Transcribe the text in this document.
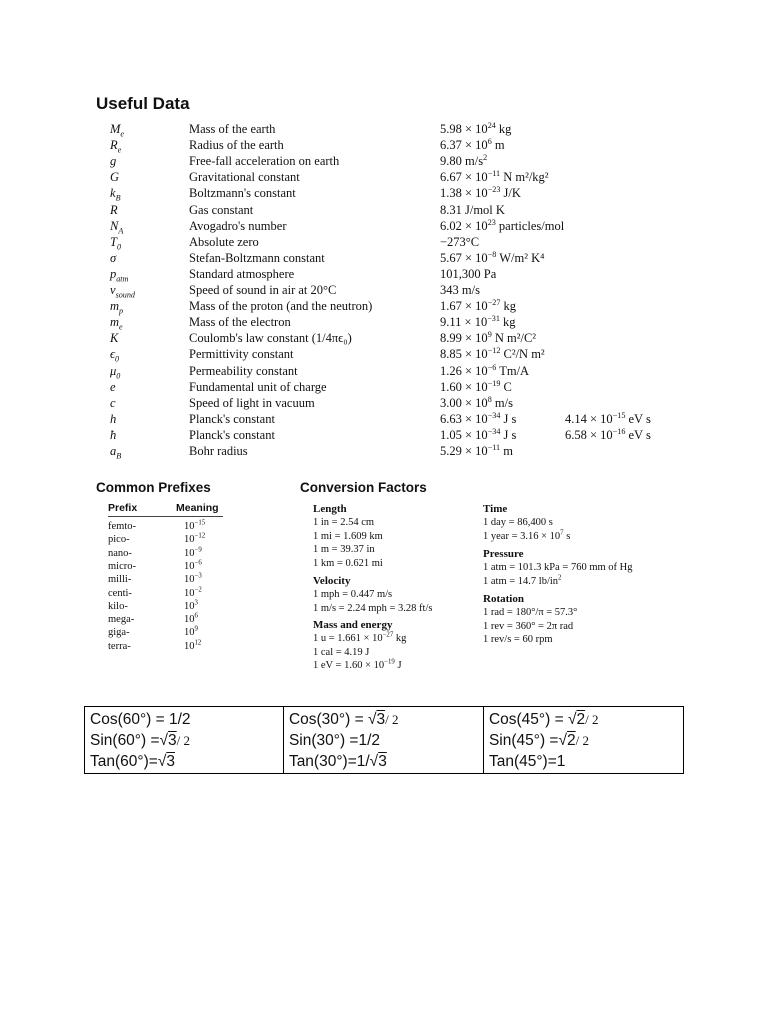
Useful Data
$M_e$	Mass of the earth	$5.98 \times 10^{24}$ kg
$R_e$	Radius of the earth	$6.37 \times 10^6$ m
g	Free-fall acceleration on earth	9.80 $m/s^2$
G	Gravitational constant	$6.67 \times 10^{-11}$ N m²/kg²
$k_B$	Boltzmann's constant	$1.38 \times 10^{-23}$ J/K
R	Gas constant	8.31 J/mol K
$N_A$	Avogadro's number	$6.02 \times 10^{23}$ particles/mol
$T_0$	Absolute zero	−273°C
σ	Stefan-Boltzmann constant	$5.67 \times 10^{-8}$ W/m² K⁴
$p_{atm}$	Standard atmosphere	101,300 Pa
$v_{sound}$	Speed of sound in air at 20°C	343 m/s
$m_p$	Mass of the proton (and the neutron)	$1.67 \times 10^{-27}$ kg
$m_e$	Mass of the electron	$9.11 \times 10^{-31}$ kg
K	Coulomb's law constant (1/4πϵ₀)	$8.99 \times 10^9$ N m²/C²
$\epsilon_0$	Permittivity constant	$8.85 \times 10^{-12}$ C²/N m²
$\mu_0$	Permeability constant	$1.26 \times 10^{-6}$ Tm/A
e	Fundamental unit of charge	$1.60 \times 10^{-19}$ C
c	Speed of light in vacuum	$3.00 \times 10^8$ m/s
h	Planck's constant	$6.63 \times 10^{-34}$ J s	$4.14 \times 10^{-15}$ eV s
ħ	Planck's constant	$1.05 \times 10^{-34}$ J s	$6.58 \times 10^{-16}$ eV s
$a_B$	Bohr radius	$5.29 \times 10^{-11}$ m
Common Prefixes
Prefix	Meaning
femto-	$10^{-15}$
pico-	$10^{-12}$
nano-	$10^{-9}$
micro-	$10^{-6}$
milli-	$10^{-3}$
centi-	$10^{-2}$
kilo-	$10^3$
mega-	$10^6$
giga-	$10^9$
terra-	$10^{12}$
Conversion Factors
Length
1 in = 2.54 cm
1 mi = 1.609 km
1 m = 39.37 in
1 km = 0.621 mi
Velocity
1 mph = 0.447 m/s
1 m/s = 2.24 mph = 3.28 ft/s
Mass and energy
1 $u = 1.661 \times 10^{-27}$ kg
1 cal = 4.19 J
1 eV = $1.60 \times 10^{-19}$ J
Time
1 day = 86,400 s
1 year = $3.16 \times 10^7$ s
Pressure
1 atm = 101.3 kPa = 760 mm of Hg
1 atm = 14.7 $lb/in^2$
Rotation
1 rad = 180°/π = 57.3°
1 rev = 360° = 2π rad
1 rev/s = 60 rpm
Cos(60°) = 1/2
Sin(60°) =√3/ 2
Tan(60°)=√3

Cos(30°) = √3/ 2
Sin(30°) =1/2
Tan(30°)=1/√3

Cos(45°) = √2/ 2
Sin(45°) =√2/ 2
Tan(45°)=1
